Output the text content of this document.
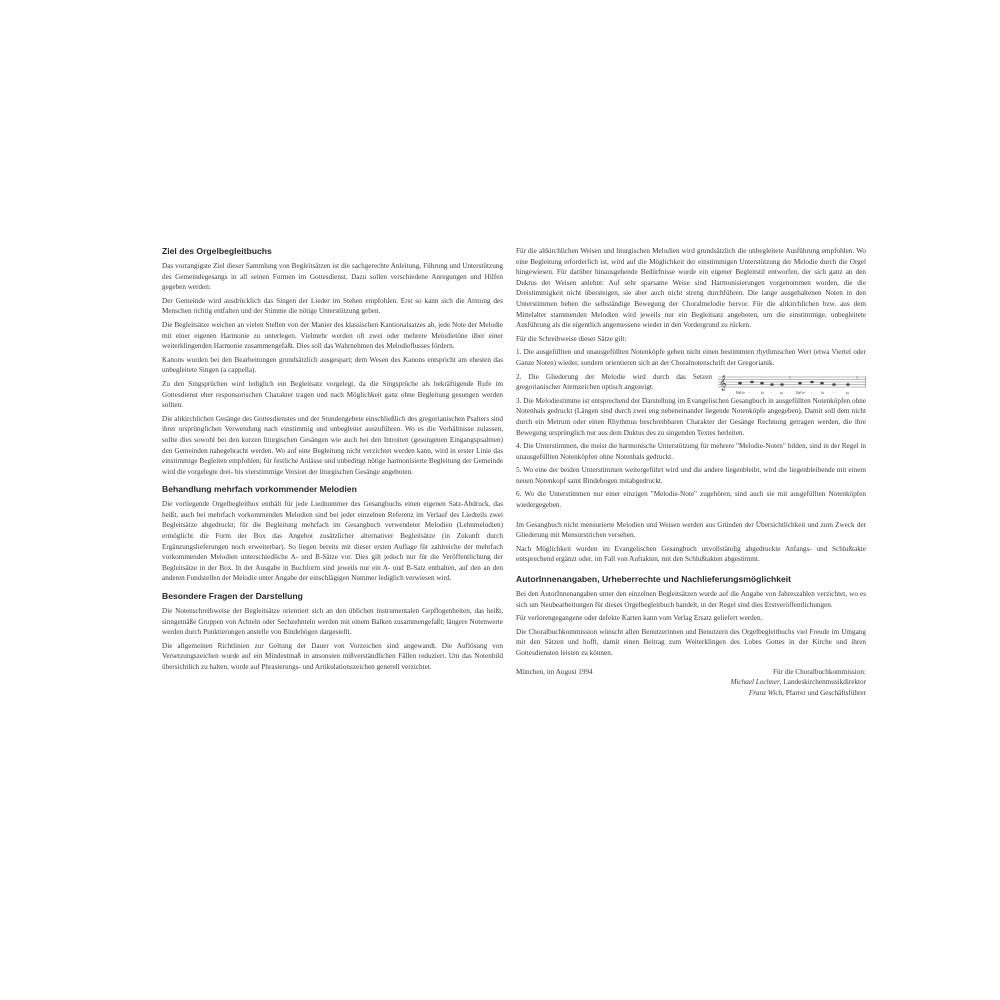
Ziel des Orgelbegleitbuchs

Das vorrangigste Ziel dieser Sammlung von Begleitsätzen ist die sachgerechte Anleitung, Führung und Unterstützung des Gemeindegesangs in all seinen Formen im Gottesdienst. Dazu sollen verschiedene Anregungen und Hilfen gegeben werden:

Der Gemeinde wird ausdrücklich das Singen der Lieder im Stehen empfohlen. Erst so kann sich die Atmung des Menschen richtig entfalten und der Stimme die nötige Unterstützung geben.

Die Begleitsätze weichen an vielen Stellen von der Manier des klassischen Kantionalsatzes ab, jede Note der Melodie mit einer eigenen Harmonie zu unterlegen. Vielmehr werden oft zwei oder mehrere Melodietöne über einer weiterklingenden Harmonie zusammengefaßt. Dies soll das Wahrnehmen des Melodieflusses fördern.

Kanons wurden bei den Bearbeitungen grundsätzlich ausgespart; dem Wesen des Kanons entspricht am ehesten das unbegleitete Singen (a cappella).

Zu den Singsprüchen wird lediglich ein Begleitsatz vorgelegt, da die Singsprüche als bekräftigende Rufe im Gottesdienst eher responsorischen Charakter tragen und nach Möglichkeit ganz ohne Begleitung gesungen werden sollten.

Die altkirchlichen Gesänge des Gottesdienstes und der Stundengebete einschließlich des gregorianischen Psalters sind ihrer ursprünglichen Verwendung nach einstimmig und unbegleitet auszuführen. Wo es die Verhältnisse zulassen, sollte dies sowohl bei den kurzen liturgischen Gesängen wie auch bei den Introiten (gesungenen Eingangspsalmen) den Gemeinden nahegebracht werden. Wo auf eine Begleitung nicht verzichtet werden kann, wird in erster Linie das einstimmige Begleiten empfohlen; für festliche Anlässe und unbedingt nötige harmonisierte Begleitung der Gemeinde wird die vorgelegte drei- bis vierstimmige Version der liturgischen Gesänge angeboten.

Behandlung mehrfach vorkommender Melodien

Die vorliegende Orgelbegleitbox enthält für jede Liednummer des Gesangbuchs einen eigenen Satz-Abdruck, das heißt, auch bei mehrfach vorkommenden Melodien sind bei jeder einzelnen Referenz im Verlauf des Liedteils zwei Begleitsätze abgedruckt; für die Begleitung mehrfach im Gesangbuch verwendeter Melodien (Lehnmelodien) ermöglicht die Form der Box das Angebot zusätzlicher alternativer Begleitsätze (in Zukunft durch Ergänzungslieferungen noch erweiterbar). So liegen bereits mit dieser ersten Auflage für zahlreiche der mehrfach vorkommenden Melodien unterschiedliche A- und B-Sätze vor. Dies gilt jedoch nur für die Veröffentlichung der Begleitsätze in der Box. In der Ausgabe in Buchform sind jeweils nur ein A- und B-Satz enthalten, auf den an den anderen Fundstellen der Melodie unter Angabe der einschlägigen Nummer lediglich verwiesen wird.

Besondere Fragen der Darstellung

Die Notenschreibweise der Begleitsätze orientiert sich an den üblichen instrumentalen Gepflogenheiten, das heißt, sinngemäße Gruppen von Achteln oder Sechzehnteln werden mit einem Balken zusammengefaßt; längere Notenwerte werden durch Punktierungen anstelle von Bindebögen dargestellt.

Die allgemeinen Richtlinien zur Geltung der Dauer von Vorzeichen sind angewandt. Die Auflösung von Versetzungszeichen wurde auf ein Mindestmaß in ansonsten mißverständlichen Fällen reduziert. Um das Notenbild übersichtlich zu halten, wurde auf Phrasierungs- und Artikulationszeichen generell verzichtet.

Für die altkirchlichen Weisen und liturgischen Melodien wird grundsätzlich die unbegleitete Ausführung empfohlen. Wo eine Begleitung erforderlich ist, wird auf die Möglichkeit der einstimmigen Unterstützung der Melodie durch die Orgel hingewiesen. Für darüber hinausgehende Bedürfnisse wurde ein eigener Begleitstil entworfen, der sich ganz an den Duktus der Weisen anlehnt: Auf sehr sparsame Weise sind Harmonisierungen vorgenommen worden, die die Dreistimmigkeit nicht übersteigen, sie aber auch nicht streng durchführen. Die lange ausgehaltenen Noten in den Unterstimmen heben die selbständige Bewegung der Choralmelodie hervor. Für die altkirchlichen bzw. aus dem Mittelalter stammenden Melodien wird jeweils nur ein Begleitsatz angeboten, um die einstimmige, unbegleitete Ausführung als die eigentlich angemessene wieder in den Vordergrund zu rücken.

Für die Schreibweise dieser Sätze gilt:

1. Die ausgefüllten und unausgefüllten Notenköpfe geben nicht einen bestimmten rhythmischen Wert (etwa Viertel oder Ganze Noten) wieder, sondern orientieren sich an der Choralnotenschrift der Gregorianik.

𝄞
Hal-le -	lu - ja.	Hal-le - lu	-	ja.

2. Die Gliederung der Melodie wird durch das Setzen gregorianischer Atemzeichen optisch angezeigt.

3. Die Melodiestimme ist entsprechend der Darstellung im Evangelischen Gesangbuch in ausgefüllten Notenköpfen ohne Notenhals gedruckt (Längen sind durch zwei eng nebeneinander liegende Notenköpfe angegeben). Damit soll dem nicht durch ein Metrum oder einen Rhythmus beschreibbaren Charakter der Gesänge Rechnung getragen werden, die ihre Bewegung ursprünglich nur aus dem Duktus des zu singenden Textes herleiten.

4. Die Unterstimmen, die meist die harmonische Unterstützung für mehrere "Melodie-Noten" bilden, sind in der Regel in unausgefüllten Notenköpfen ohne Notenhals gedruckt.

5. Wo eine der beiden Unterstimmen weitergeführt wird und die andere liegenbleibt, wird die liegenbleibende mit einem neuen Notenkopf samt Bindebogen mitabgedruckt.

6. Wo die Unterstimmen nur einer einzigen "Melodie-Note" zugehören, sind auch sie mit ausgefüllten Notenköpfen wiedergegeben.

Im Gesangbuch nicht mensurierte Melodien und Weisen werden aus Gründen der Übersichtlichkeit und zum Zweck der Gliederung mit Mensurstrichen versehen.

Nach Möglichkeit wurden im Evangelischen Gesangbuch unvollständig abgedruckte Anfangs- und Schlußtakte entsprechend ergänzt oder, im Fall von Auftakten, mit den Schlußtakten abgestimmt.

AutorInnenangaben, Urheberrechte und Nachlieferungsmöglichkeit

Bei den AutorInnenangaben unter den einzelnen Begleitsätzen wurde auf die Angabe von Jahreszahlen verzichtet, wo es sich um Neubearbeitungen für dieses Orgelbegleitbuch handelt, in der Regel sind dies Erstveröffentlichungen.

Für verlorengegangene oder defekte Karten kann vom Verlag Ersatz geliefert werden.

Die Choralbuchkommission wünscht allen Benutzerinnen und Benutzern des Orgelbegleitbuchs viel Freude im Umgang mit den Sätzen und hofft, damit einen Beitrag zum Weiterklingen des Lobes Gottes in der Kirche und ihren Gottesdiensten leisten zu können.

München, im August 1994	Für die Choralbuchkommission:
Michael Lochner, Landeskirchenmusikdirektor
Franz Wich, Pfarrer und Geschäftsführer
